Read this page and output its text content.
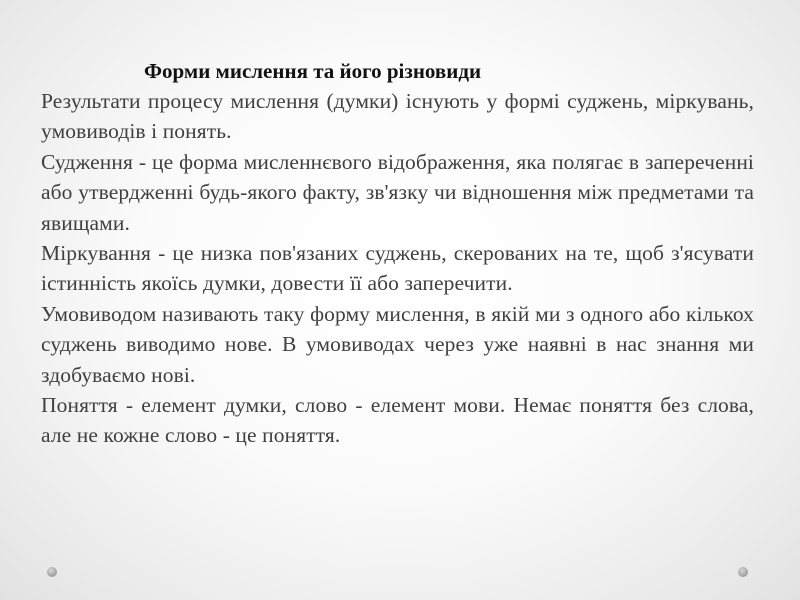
Форми мислення та його різновиди

Результати процесу мислення (думки) існують у формі суджень, міркувань, умовиводів і понять.

Судження - це форма мисленнєвого відображення, яка полягає в запереченні або утвердженні будь-якого факту, зв'язку чи відношення між предметами та явищами.

Міркування - це низка пов'язаних суджень, скерованих на те, щоб з'ясувати істинність якоїсь думки, довести її або заперечити.

Умовиводом називають таку форму мислення, в якій ми з одного або кількох суджень виводимо нове. В умовиводах через уже наявні в нас знання ми здобуваємо нові.

Поняття - елемент думки, слово - елемент мови. Немає поняття без слова, але не кожне слово - це поняття.
